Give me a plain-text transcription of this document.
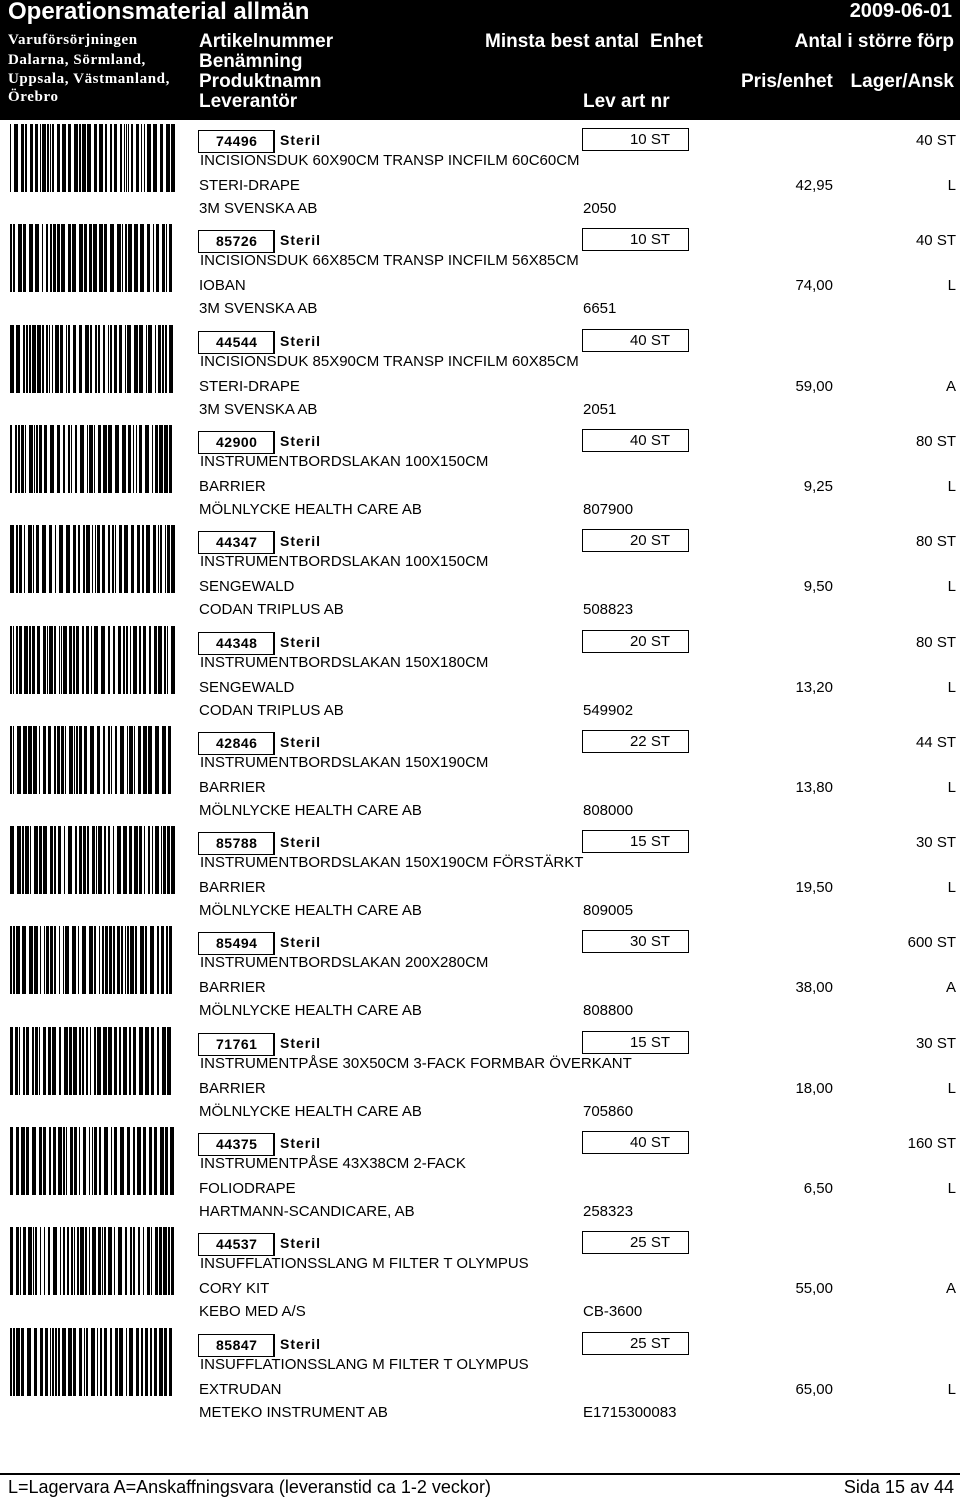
Operationsmaterial allmän	2009-06-01
Varuförsörjningen
Dalarna, Sörmland,
Uppsala, Västmanland,
Örebro
Artikelnummer
Benämning
Produktnamn
Leverantör
Minsta best antal Enhet	Antal i större förp
Lev art nr
Pris/enhet Lager/Ansk
74496 Steril	10 ST	40 ST
INCISIONSDUK 60X90CM TRANSP INCFILM 60C60CM
STERI-DRAPE	42,95	L
3M SVENSKA AB	2050
85726 Steril	10 ST	40 ST
INCISIONSDUK 66X85CM TRANSP INCFILM 56X85CM
IOBAN	74,00	L
3M SVENSKA AB	6651
44544 Steril	40 ST
INCISIONSDUK 85X90CM TRANSP INCFILM 60X85CM
STERI-DRAPE	59,00	A
3M SVENSKA AB	2051
42900 Steril	40 ST	80 ST
INSTRUMENTBORDSLAKAN 100X150CM
BARRIER	9,25	L
MÖLNLYCKE HEALTH CARE AB	807900
44347 Steril	20 ST	80 ST
INSTRUMENTBORDSLAKAN 100X150CM
SENGEWALD	9,50	L
CODAN TRIPLUS AB	508823
44348 Steril	20 ST	80 ST
INSTRUMENTBORDSLAKAN 150X180CM
SENGEWALD	13,20	L
CODAN TRIPLUS AB	549902
42846 Steril	22 ST	44 ST
INSTRUMENTBORDSLAKAN 150X190CM
BARRIER	13,80	L
MÖLNLYCKE HEALTH CARE AB	808000
85788 Steril	15 ST	30 ST
INSTRUMENTBORDSLAKAN 150X190CM FÖRSTÄRKT
BARRIER	19,50	L
MÖLNLYCKE HEALTH CARE AB	809005
85494 Steril	30 ST	600 ST
INSTRUMENTBORDSLAKAN 200X280CM
BARRIER	38,00	A
MÖLNLYCKE HEALTH CARE AB	808800
71761 Steril	15 ST	30 ST
INSTRUMENTPÅSE 30X50CM 3-FACK FORMBAR ÖVERKANT
BARRIER	18,00	L
MÖLNLYCKE HEALTH CARE AB	705860
44375 Steril	40 ST	160 ST
INSTRUMENTPÅSE 43X38CM 2-FACK
FOLIODRAPE	6,50	L
HARTMANN-SCANDICARE, AB	258323
44537 Steril	25 ST
INSUFFLATIONSSLANG M FILTER T OLYMPUS
CORY KIT	55,00	A
KEBO MED A/S	CB-3600
85847 Steril	25 ST
INSUFFLATIONSSLANG M FILTER T OLYMPUS
EXTRUDAN	65,00	L
METEKO INSTRUMENT AB	E1715300083
L=Lagervara A=Anskaffningsvara (leveranstid ca 1-2 veckor)	Sida 15 av 44
